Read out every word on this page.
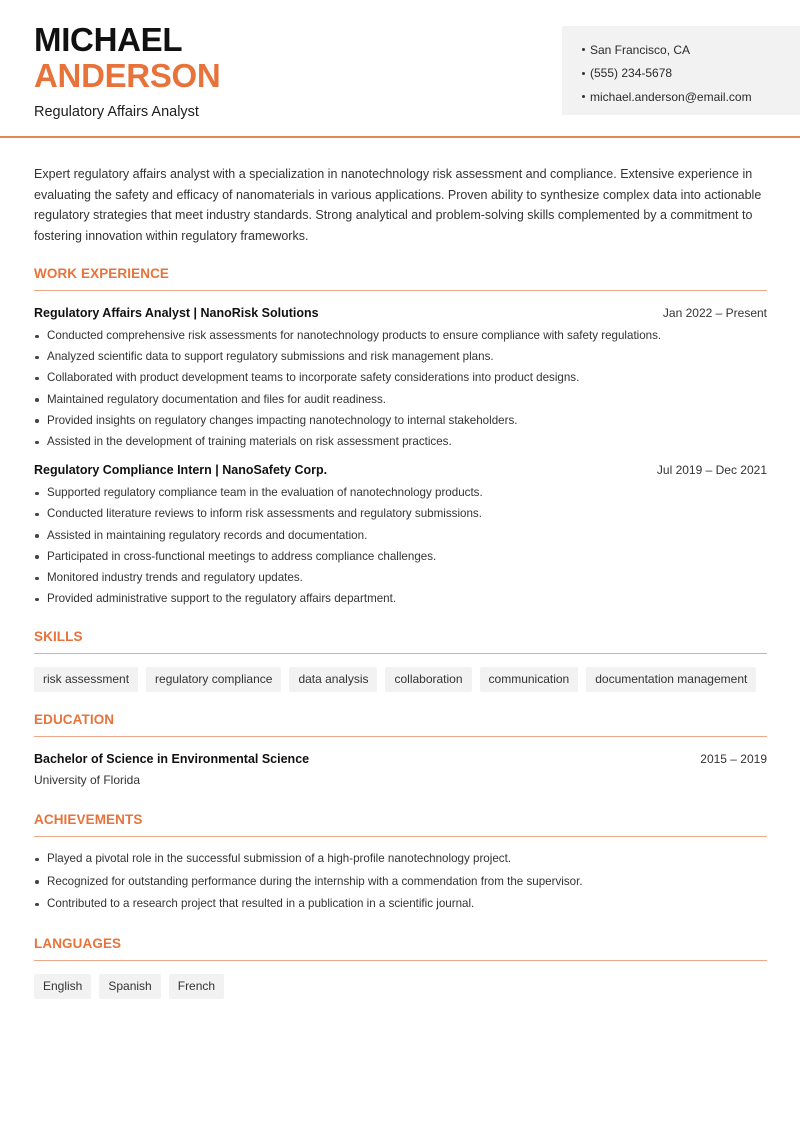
MICHAEL
ANDERSON
Regulatory Affairs Analyst
San Francisco, CA
(555) 234-5678
michael.anderson@email.com

Expert regulatory affairs analyst with a specialization in nanotechnology risk assessment and compliance. Extensive experience in evaluating the safety and efficacy of nanomaterials in various applications. Proven ability to synthesize complex data into actionable regulatory strategies that meet industry standards. Strong analytical and problem-solving skills complemented by a commitment to fostering innovation within regulatory frameworks.

WORK EXPERIENCE
Regulatory Affairs Analyst | NanoRisk Solutions	Jan 2022 – Present
Conducted comprehensive risk assessments for nanotechnology products to ensure compliance with safety regulations.
Analyzed scientific data to support regulatory submissions and risk management plans.
Collaborated with product development teams to incorporate safety considerations into product designs.
Maintained regulatory documentation and files for audit readiness.
Provided insights on regulatory changes impacting nanotechnology to internal stakeholders.
Assisted in the development of training materials on risk assessment practices.
Regulatory Compliance Intern | NanoSafety Corp.	Jul 2019 – Dec 2021
Supported regulatory compliance team in the evaluation of nanotechnology products.
Conducted literature reviews to inform risk assessments and regulatory submissions.
Assisted in maintaining regulatory records and documentation.
Participated in cross-functional meetings to address compliance challenges.
Monitored industry trends and regulatory updates.
Provided administrative support to the regulatory affairs department.
SKILLS
risk assessment	regulatory compliance	data analysis	collaboration	communication	documentation management
EDUCATION
Bachelor of Science in Environmental Science	2015 – 2019
University of Florida
ACHIEVEMENTS
Played a pivotal role in the successful submission of a high-profile nanotechnology project.
Recognized for outstanding performance during the internship with a commendation from the supervisor.
Contributed to a research project that resulted in a publication in a scientific journal.
LANGUAGES
English	Spanish	French
